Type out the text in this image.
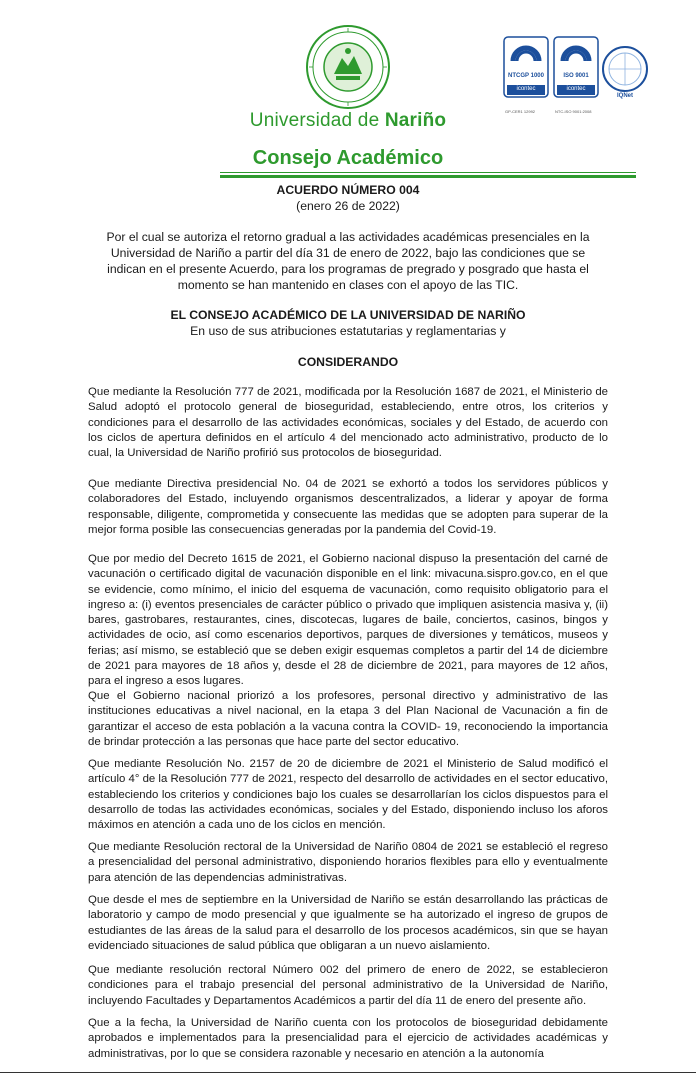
Universidad de Nariño
NTCGP 1000
icontec
ISO 9001
icontec
IQNet
GP-CER1 12992	NTC-ISO 9001:2008
Consejo Académico
ACUERDO NÚMERO 004
(enero 26 de 2022)
Por el cual se autoriza el retorno gradual a las actividades académicas presenciales en la Universidad de Nariño a partir del día 31 de enero de 2022, bajo las condiciones que se indican en el presente Acuerdo, para los programas de pregrado y posgrado que hasta el momento se han mantenido en clases con el apoyo de las TIC.
EL CONSEJO ACADÉMICO DE LA UNIVERSIDAD DE NARIÑO
En uso de sus atribuciones estatutarias y reglamentarias y
CONSIDERANDO

Que mediante la Resolución 777 de 2021, modificada por la Resolución 1687 de 2021, el Ministerio de Salud adoptó el protocolo general de bioseguridad, estableciendo, entre otros, los criterios y condiciones para el desarrollo de las actividades económicas, sociales y del Estado, de acuerdo con los ciclos de apertura definidos en el artículo 4 del mencionado acto administrativo, producto de lo cual, la Universidad de Nariño profirió sus protocolos de bioseguridad.

Que mediante Directiva presidencial No. 04 de 2021 se exhortó a todos los servidores públicos y colaboradores del Estado, incluyendo organismos descentralizados, a liderar y apoyar de forma responsable, diligente, comprometida y consecuente las medidas que se adopten para superar de la mejor forma posible las consecuencias generadas por la pandemia del Covid-19.

Que por medio del Decreto 1615 de 2021, el Gobierno nacional dispuso la presentación del carné de vacunación o certificado digital de vacunación disponible en el link: mivacuna.sispro.gov.co, en el que se evidencie, como mínimo, el inicio del esquema de vacunación, como requisito obligatorio para el ingreso a: (i) eventos presenciales de carácter público o privado que impliquen asistencia masiva y, (ii) bares, gastrobares, restaurantes, cines, discotecas, lugares de baile, conciertos, casinos, bingos y actividades de ocio, así como escenarios deportivos, parques de diversiones y temáticos, museos y ferias; así mismo, se estableció que se deben exigir esquemas completos a partir del 14 de diciembre de 2021 para mayores de 18 años y, desde el 28 de diciembre de 2021, para mayores de 12 años, para el ingreso a esos lugares.

Que el Gobierno nacional priorizó a los profesores, personal directivo y administrativo de las instituciones educativas a nivel nacional, en la etapa 3 del Plan Nacional de Vacunación a fin de garantizar el acceso de esta población a la vacuna contra la COVID- 19, reconociendo la importancia de brindar protección a las personas que hace parte del sector educativo.

Que mediante Resolución No. 2157 de 20 de diciembre de 2021 el Ministerio de Salud modificó el artículo 4° de la Resolución 777 de 2021, respecto del desarrollo de actividades en el sector educativo, estableciendo los criterios y condiciones bajo los cuales se desarrollarían los ciclos dispuestos para el desarrollo de todas las actividades económicas, sociales y del Estado, disponiendo incluso los aforos máximos en atención a cada uno de los ciclos en mención.

Que mediante Resolución rectoral de la Universidad de Nariño 0804 de 2021 se estableció el regreso a presencialidad del personal administrativo, disponiendo horarios flexibles para ello y eventualmente para atención de las dependencias administrativas.

Que desde el mes de septiembre en la Universidad de Nariño se están desarrollando las prácticas de laboratorio y campo de modo presencial y que igualmente se ha autorizado el ingreso de grupos de estudiantes de las áreas de la salud para el desarrollo de los procesos académicos, sin que se hayan evidenciado situaciones de salud pública que obligaran a un nuevo aislamiento.

Que mediante resolución rectoral Número 002 del primero de enero de 2022, se establecieron condiciones para el trabajo presencial del personal administrativo de la Universidad de Nariño, incluyendo Facultades y Departamentos Académicos a partir del día 11 de enero del presente año.

Que a la fecha, la Universidad de Nariño cuenta con los protocolos de bioseguridad debidamente aprobados e implementados para la presencialidad para el ejercicio de actividades académicas y administrativas, por lo que se considera razonable y necesario en atención a la autonomía
